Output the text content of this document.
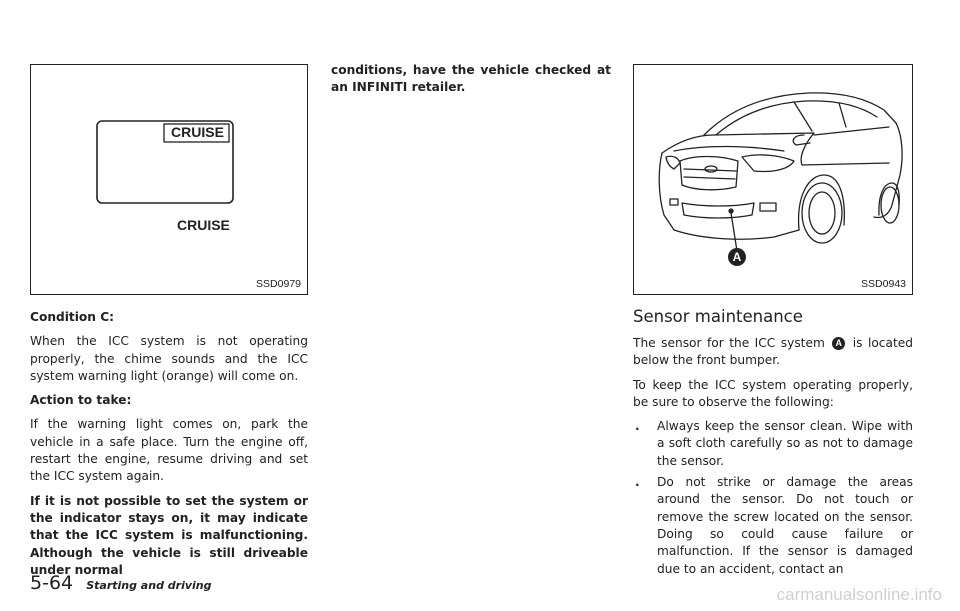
CRUISE
CRUISE
SSD0979
A
SSD0943

Condition C:

When the ICC system is not operating properly, the chime sounds and the ICC system warning light (orange) will come on.

Action to take:

If the warning light comes on, park the vehicle in a safe place. Turn the engine off, restart the engine, resume driving and set the ICC system again.

If it is not possible to set the system or the indicator stays on, it may indicate that the ICC system is malfunctioning. Although the vehicle is still driveable under normal

conditions, have the vehicle checked at an INFINITI retailer.

Sensor maintenance

The sensor for the ICC system A is located below the front bumper.

To keep the ICC system operating properly, be sure to observe the following:

. Always keep the sensor clean. Wipe with a soft cloth carefully so as not to damage the sensor.
. Do not strike or damage the areas around the sensor. Do not touch or remove the screw located on the sensor. Doing so could cause failure or malfunction. If the sensor is damaged due to an accident, contact an
5-64 Starting and driving	carmanualsonline.info
